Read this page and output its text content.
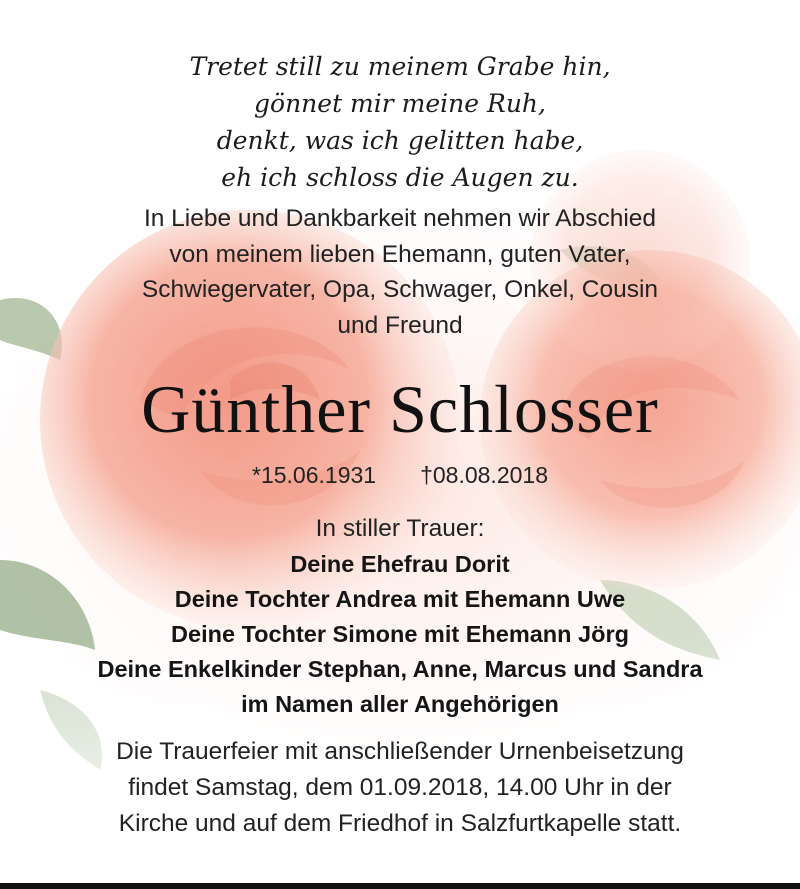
Tretet still zu meinem Grabe hin,
gönnet mir meine Ruh,
denkt, was ich gelitten habe,
eh ich schloss die Augen zu.
In Liebe und Dankbarkeit nehmen wir Abschied
von meinem lieben Ehemann, guten Vater,
Schwiegervater, Opa, Schwager, Onkel, Cousin
und Freund
Günther Schlosser
*15.06.1931 †08.08.2018
In stiller Trauer:
Deine Ehefrau Dorit
Deine Tochter Andrea mit Ehemann Uwe
Deine Tochter Simone mit Ehemann Jörg
Deine Enkelkinder Stephan, Anne, Marcus und Sandra
im Namen aller Angehörigen
Die Trauerfeier mit anschließender Urnenbeisetzung
findet Samstag, dem 01.09.2018, 14.00 Uhr in der
Kirche und auf dem Friedhof in Salzfurtkapelle statt.
